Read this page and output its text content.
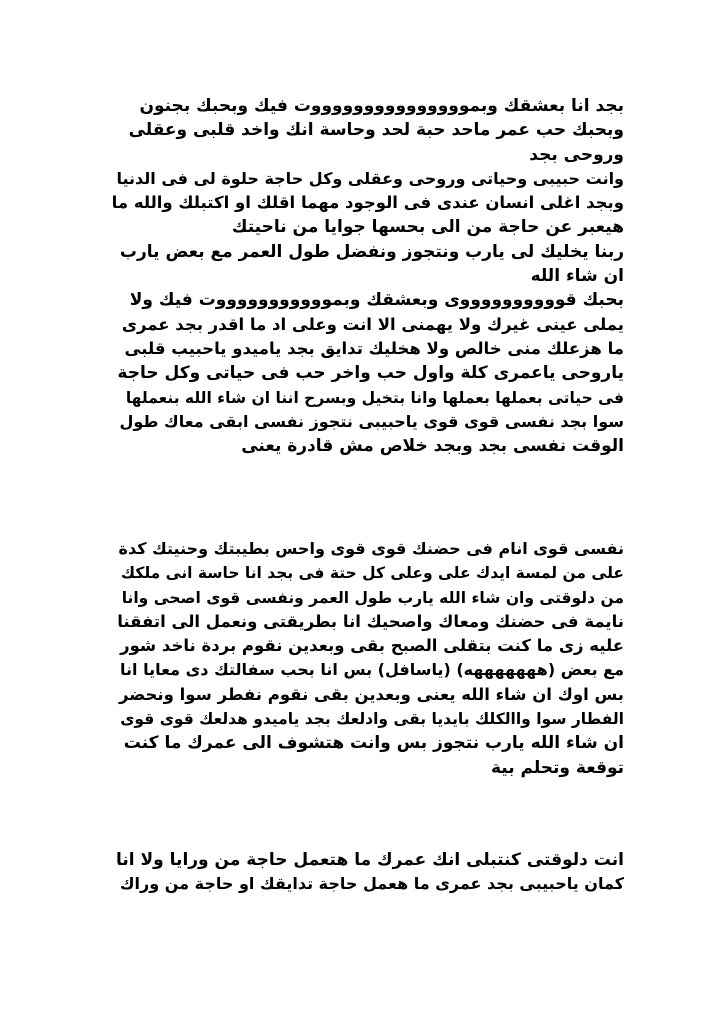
بجد انا بعشقك وبموووووووووووووووت فيك وبحبك بجنون
وبحبك حب عمر ماحد حبة لحد وحاسة انك واخد قلبى وعقلى
وروحى بجد
وانت حبيبى وحياتى وروحى وعقلى وكل حاجة حلوة لى فى الدنيا
وبجد اغلى انسان عندى فى الوجود مهما اقلك او اكتبلك والله ما
هيعبر عن حاجة من الى بحسها جوايا من ناحيتك
ربنا يخليك لى يارب ونتجوز ونفضل طول العمر مع بعض يارب
ان شاء الله
بحبك قووووووووووى وبعشقك وبموووووووووووت فيك ولا
يملى عينى غيرك ولا يهمنى الا انت وعلى اد ما اقدر بجد عمرى
ما هزعلك منى خالص ولا هخليك تدايق بجد ياميدو ياحبيب قلبى
ياروحى ياعمرى كلة واول حب واخر حب فى حياتى وكل حاجة
فى حياتى بعملها بعملها وانا بتخيل وبسرح اننا ان شاء الله بنعملها
سوا بجد نفسى قوى قوى ياحبيبى نتجوز نفسى ابقى معاك طول
الوقت نفسى بجد وبجد خلاص مش قادرة يعنى
نفسى قوى انام فى حضنك قوى قوى واحس بطيبتك وحنيتك كدة
على من لمسة ايدك على وعلى كل حتة فى بجد انا حاسة انى ملكك
من دلوقتى وان شاء الله يارب طول العمر ونفسى قوى اصحى وانا
نايمة فى حضنك ومعاك واصحيك انا بطريقتى ونعمل الى اتفقنا
عليه زى ما كنت بتقلى الصبح بقى وبعدين نقوم بردة ناخد شور
مع بعض (هههههههه) (ياسافل) بس انا بحب سفالتك دى معايا انا
بس اوك ان شاء الله يعنى وبعدين بقى نقوم نفطر سوا ونحضر
الفطار سوا واالكلك بايديا بقى وادلعك بجد ياميدو هدلعك قوى قوى
ان شاء الله يارب نتجوز بس وانت هتشوف الى عمرك ما كنت
توقعة وتحلم بية
انت دلوقتى كنتبلى انك عمرك ما هتعمل حاجة من ورايا ولا انا
كمان ياحبيبى بجد عمرى ما هعمل حاجة تدايقك او حاجة من وراك
